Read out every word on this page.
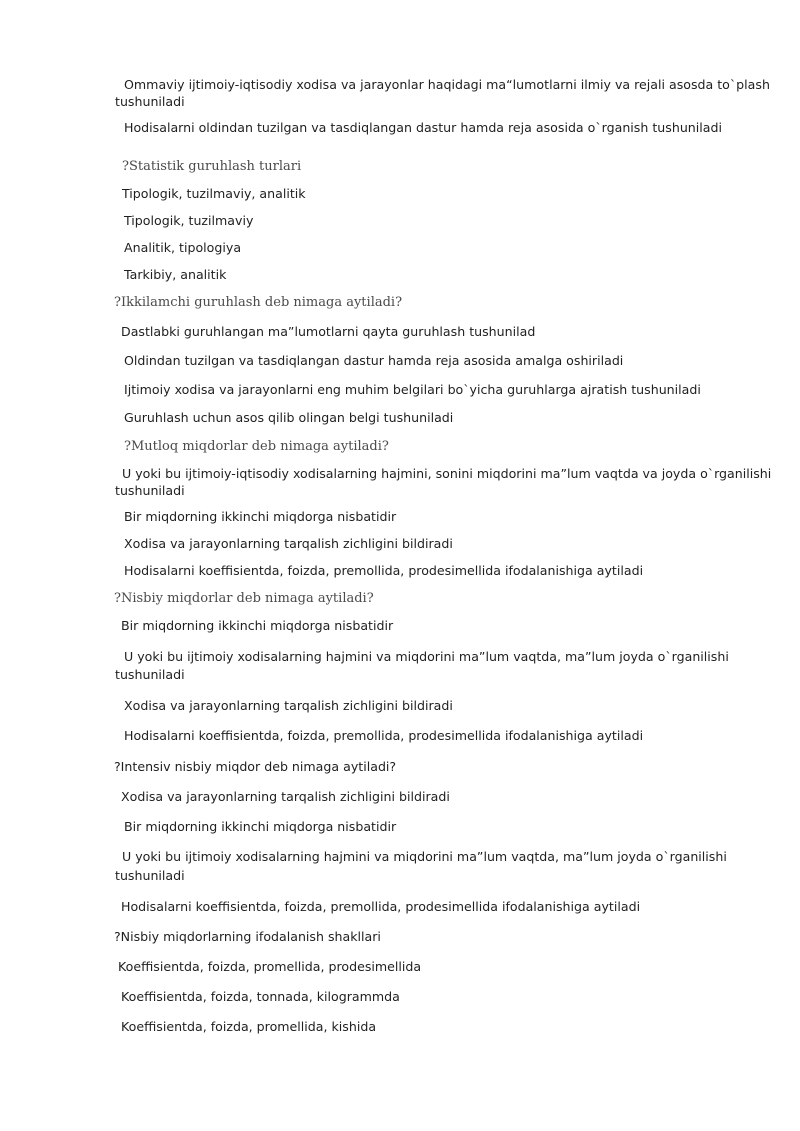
Ommaviy ijtimoiy-iqtisodiy xodisa va jarayonlar haqidagi ma“lumotlarni ilmiy va rejali asosda to`plash
tushuniladi
Hodisalarni oldindan tuzilgan va tasdiqlangan dastur hamda reja asosida o`rganish tushuniladi
?Statistik guruhlash turlari
Tipologik, tuzilmaviy, analitik
Tipologik, tuzilmaviy
Analitik, tipologiya
Tarkibiy, analitik
?Ikkilamchi guruhlash deb nimaga aytiladi?
Dastlabki guruhlangan ma”lumotlarni qayta guruhlash tushunilad
Oldindan tuzilgan va tasdiqlangan dastur hamda reja asosida amalga oshiriladi
Ijtimoiy xodisa va jarayonlarni eng muhim belgilari bo`yicha guruhlarga ajratish tushuniladi
Guruhlash uchun asos qilib olingan belgi tushuniladi
?Mutloq miqdorlar deb nimaga aytiladi?
U yoki bu ijtimoiy-iqtisodiy xodisalarning hajmini, sonini miqdorini ma”lum vaqtda va joyda o`rganilishi
tushuniladi
Bir miqdorning ikkinchi miqdorga nisbatidir
Xodisa va jarayonlarning tarqalish zichligini bildiradi
Hodisalarni koeffisientda, foizda, premollida, prodesimellida ifodalanishiga aytiladi
?Nisbiy miqdorlar deb nimaga aytiladi?
Bir miqdorning ikkinchi miqdorga nisbatidir
U yoki bu ijtimoiy xodisalarning hajmini va miqdorini ma”lum vaqtda, ma”lum joyda o`rganilishi
tushuniladi
Xodisa va jarayonlarning tarqalish zichligini bildiradi
Hodisalarni koeffisientda, foizda, premollida, prodesimellida ifodalanishiga aytiladi
?Intensiv nisbiy miqdor deb nimaga aytiladi?
Xodisa va jarayonlarning tarqalish zichligini bildiradi
Bir miqdorning ikkinchi miqdorga nisbatidir
U yoki bu ijtimoiy xodisalarning hajmini va miqdorini ma”lum vaqtda, ma”lum joyda o`rganilishi
tushuniladi
Hodisalarni koeffisientda, foizda, premollida, prodesimellida ifodalanishiga aytiladi
?Nisbiy miqdorlarning ifodalanish shakllari
Koeffisientda, foizda, promellida, prodesimellida
Koeffisientda, foizda, tonnada, kilogrammda
Koeffisientda, foizda, promellida, kishida
